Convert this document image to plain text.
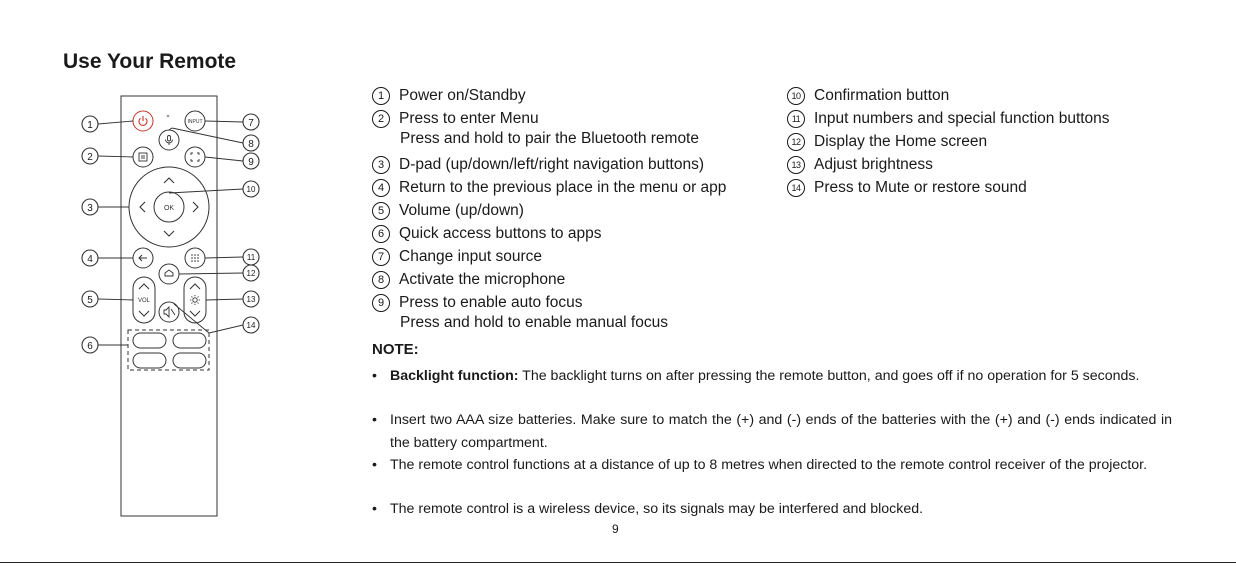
Use Your Remote
INPUT
OK
VOL
1
2
3
4
5
6
7
8
9
10
11
12
13
14
1 Power on/Standby
2 Press to enter Menu
Press and hold to pair the Bluetooth remote
3 D-pad (up/down/left/right navigation buttons)
4 Return to the previous place in the menu or app
5 Volume (up/down)
6 Quick access buttons to apps
7 Change input source
8 Activate the microphone
9 Press to enable auto focus
Press and hold to enable manual focus
10 Confirmation button
11 Input numbers and special function buttons
12 Display the Home screen
13 Adjust brightness
14 Press to Mute or restore sound
NOTE:
• Backlight function: The backlight turns on after pressing the remote button, and goes off if no operation for 5 seconds.
• Insert two AAA size batteries. Make sure to match the (+) and (-) ends of the batteries with the (+) and (-) ends indicated in the battery compartment.
• The remote control functions at a distance of up to 8 metres when directed to the remote control receiver of the projector.
• The remote control is a wireless device, so its signals may be interfered and blocked.
9
